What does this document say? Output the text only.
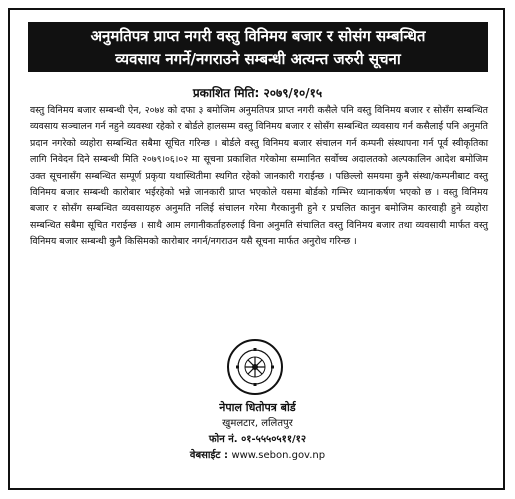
अनुमतिपत्र प्राप्त नगरी वस्तु विनिमय बजार र सोसंग सम्बन्धित
व्यवसाय नगर्ने/नगराउने सम्बन्धी अत्यन्त जरुरी सूचना
प्रकाशित मिति: २०७९/१०/१५
वस्तु विनिमय बजार सम्बन्धी ऐन, २०७४ को दफा ३ बमोजिम अनुमतिपत्र प्राप्त नगरी कसैले पनि वस्तु विनिमय बजार र सोसँग सम्बन्धित व्यवसाय सञ्चालन गर्न नहुने व्यवस्था रहेको र बोर्डले हालसम्म वस्तु विनिमय बजार र सोसँग सम्बन्धित व्यवसाय गर्न कसैलाई पनि अनुमति प्रदान नगरेको व्यहोरा सम्बन्धित सबैमा सूचित गरिन्छ । बोर्डले वस्तु विनिमय बजार संचालन गर्न कम्पनी संस्थापना गर्न पूर्व स्वीकृतिका लागि निवेदन दिने सम्बन्धी मिति २०७९।०६।०२ मा सूचना प्रकाशित गरेकोमा सम्मानित सर्वोच्च अदालतको अल्पकालिन आदेश बमोजिम उक्त सूचनासँग सम्बन्धित सम्पूर्ण प्रकृया यथास्थितीमा स्थगित रहेको जानकारी गराईन्छ । पछिल्लो समयमा कुनै संस्था/कम्पनीबाट वस्तु विनिमय बजार सम्बन्धी कारोबार भईरहेको भन्ने जानकारी प्राप्त भएकोले यसमा बोर्डको गम्भिर ध्यानाकर्षण भएको छ । वस्तु विनिमय बजार र सोसँग सम्बन्धित व्यवसायहरु अनुमति नलिई संचालन गरेमा गैरकानुनी हुने र प्रचलित कानुन बमोजिम कारवाही हुने व्यहोरा सम्बन्धित सबैमा सूचित गराईन्छ । साथै आम लगानीकर्ताहरुलाई विना अनुमति संचालित वस्तु विनिमय बजार तथा व्यवसायी मार्फत वस्तु विनिमय बजार सम्बन्धी कुनै किसिमको कारोबार नगर्न/नगराउन यसै सूचना मार्फत अनुरोध गरिन्छ ।
नेपाल धितोपत्र बोर्ड
खुमलटार, ललितपुर
फोन नं. ०१-५५५०५११/१२
वेबसाईट : www.sebon.gov.np
